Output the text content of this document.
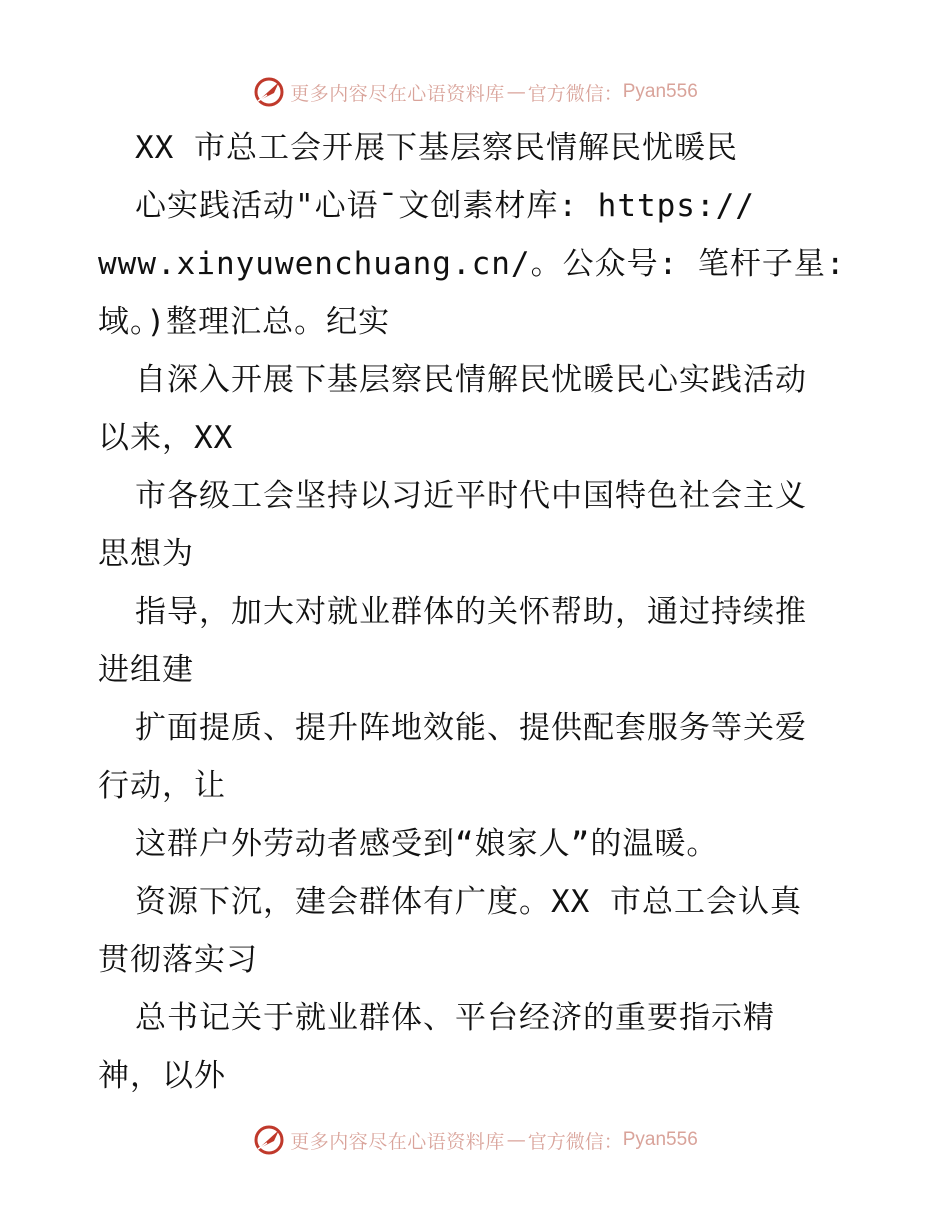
更多内容尽在心语资料库 — 官方微信： Pyan556
XX 市总工会开展下基层察民情解民忧暖民
心实践活动"心语¯文创素材库: https://
www.xinyuwenchuang.cn/。公众号: 笔杆子星:
域。)整理汇总。纪实
自深入开展下基层察民情解民忧暖民心实践活动
以来，XX
市各级工会坚持以习近平时代中国特色社会主义
思想为
指导，加大对就业群体的关怀帮助，通过持续推
进组建
扩面提质、提升阵地效能、提供配套服务等关爱
行动，让
这群户外劳动者感受到“娘家人”的温暖。
资源下沉，建会群体有广度。XX 市总工会认真
贯彻落实习
总书记关于就业群体、平台经济的重要指示精
神，以外
更多内容尽在心语资料库 — 官方微信： Pyan556
